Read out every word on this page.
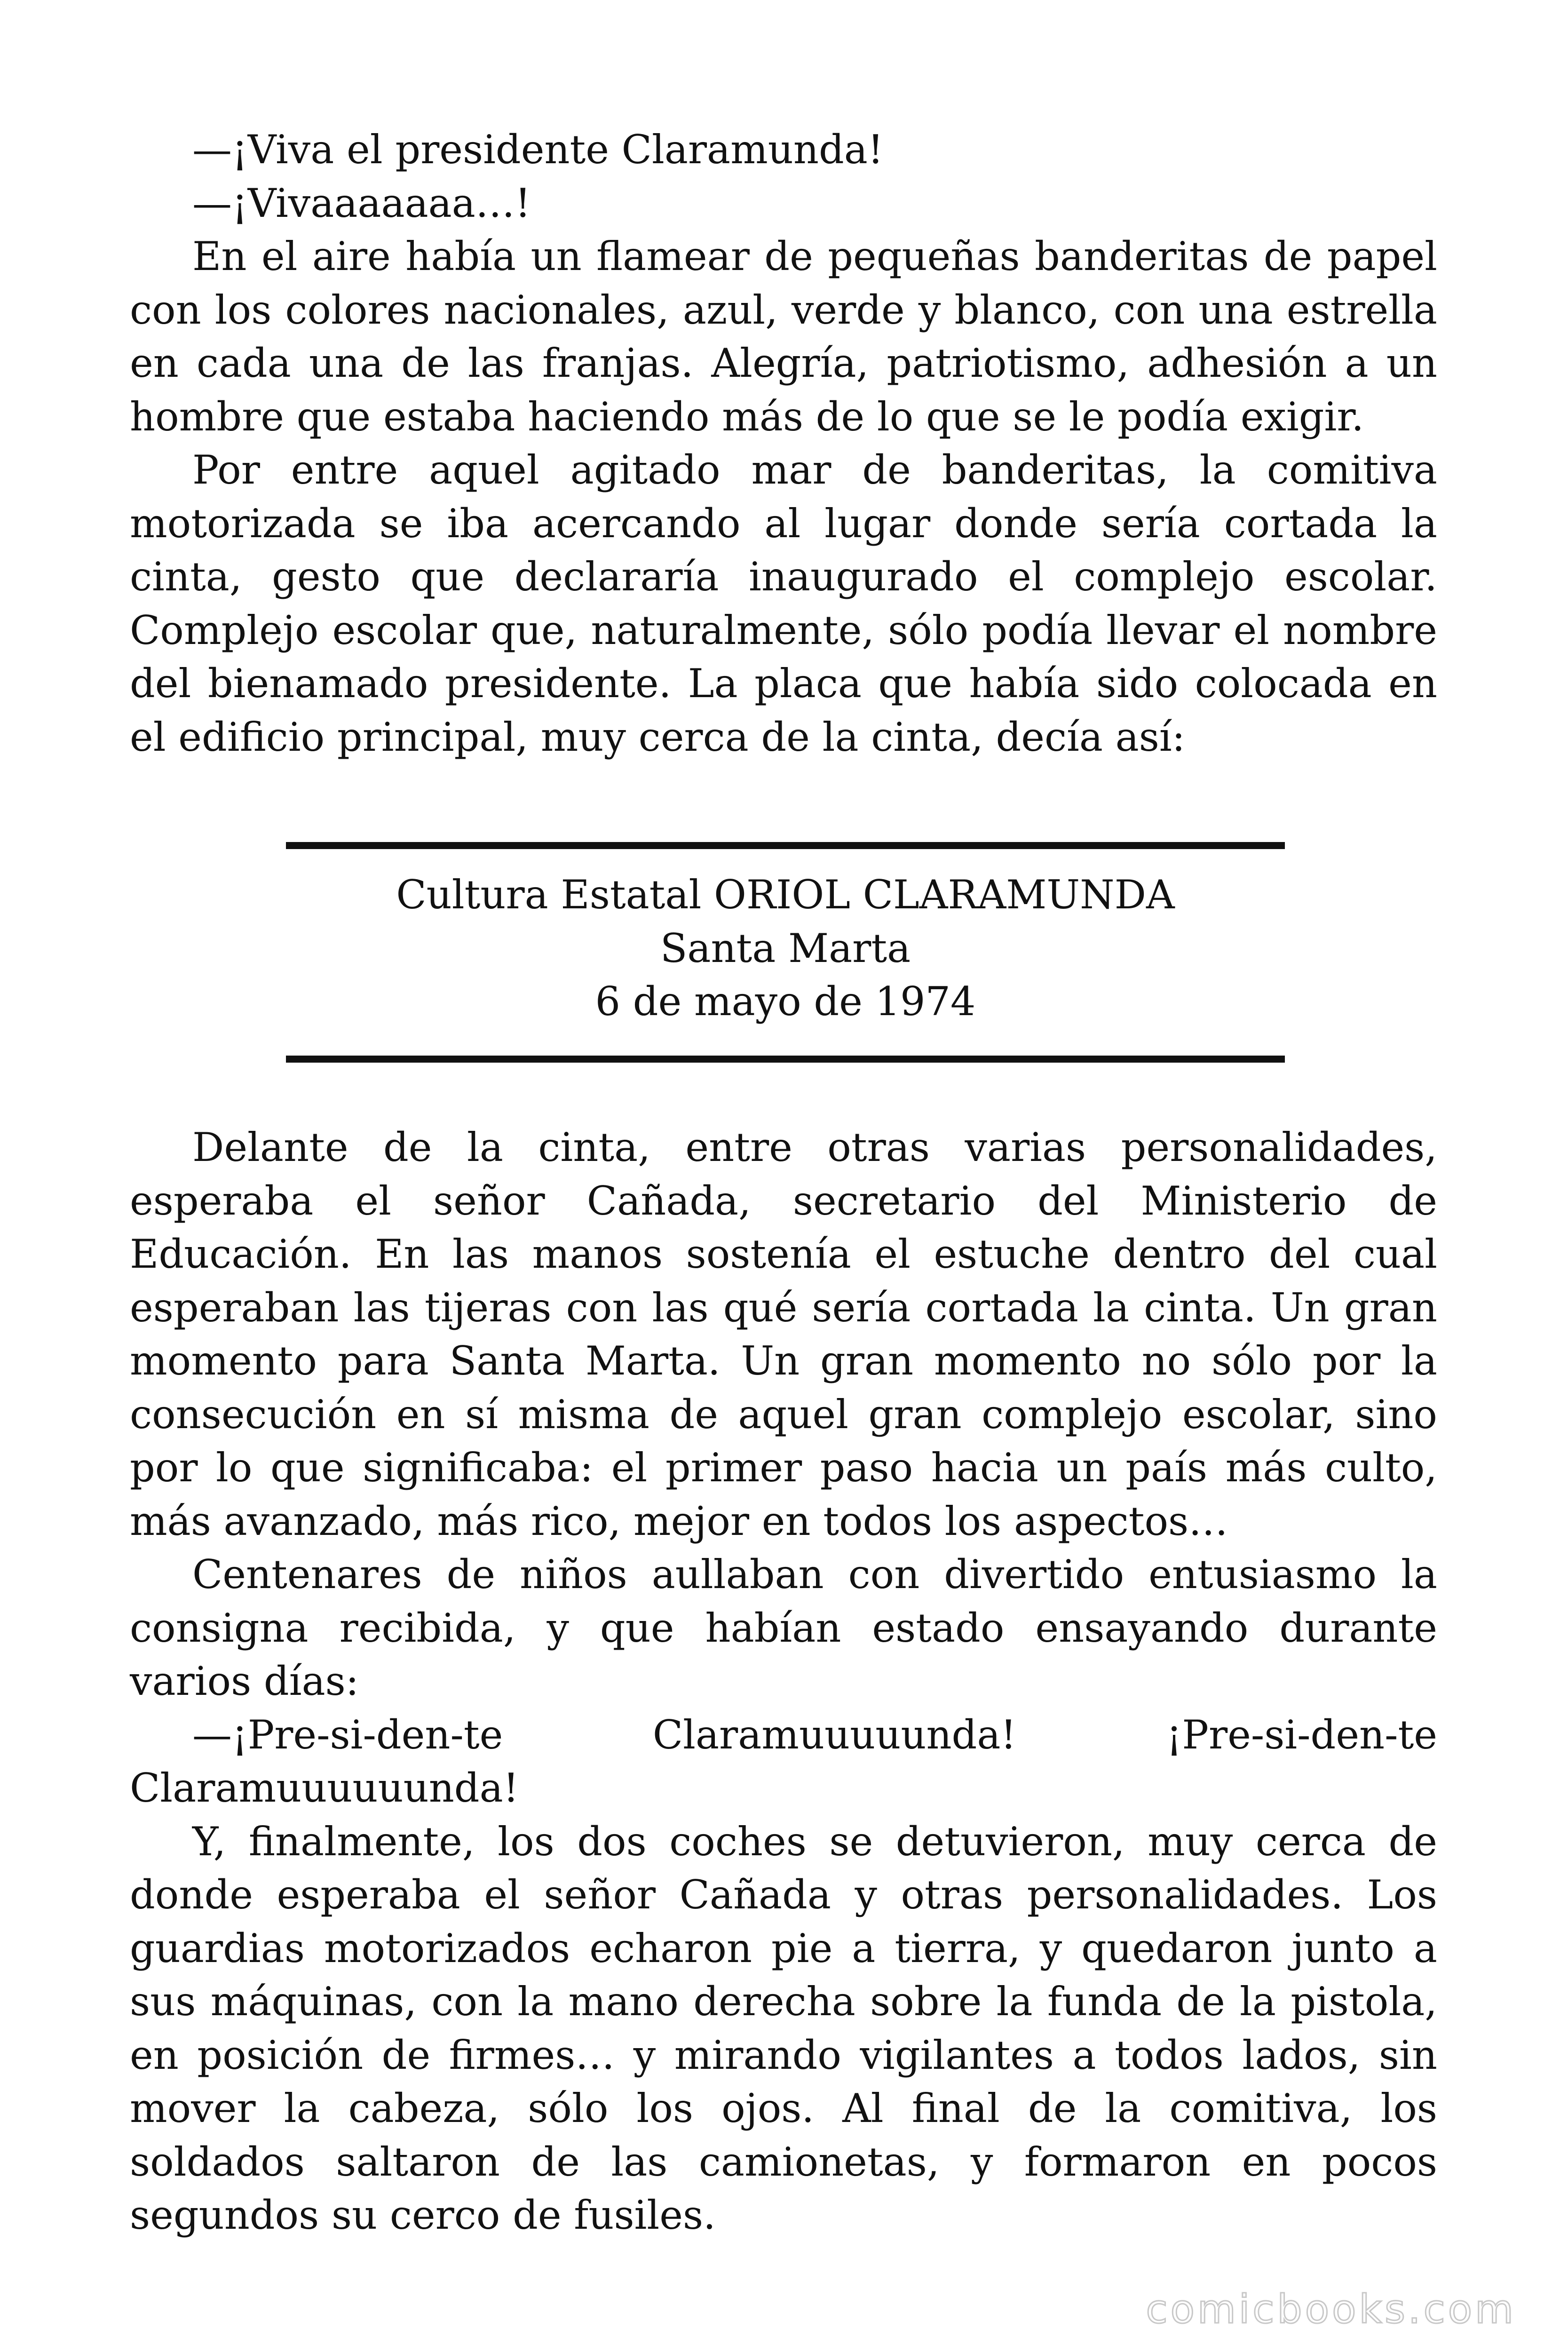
—¡Viva el presidente Claramunda!

—¡Vivaaaaaaa…!

En el aire había un flamear de pequeñas banderitas de papel con los colores nacionales, azul, verde y blanco, con una estrella en cada una de las franjas. Alegría, patriotismo, adhesión a un hombre que estaba haciendo más de lo que se le podía exigir.

Por entre aquel agitado mar de banderitas, la comitiva motorizada se iba acercando al lugar donde sería cortada la cinta, gesto que declararía inaugurado el complejo escolar. Complejo escolar que, naturalmente, sólo podía llevar el nombre del bienamado presidente. La placa que había sido colocada en el edificio principal, muy cerca de la cinta, decía así:

Cultura Estatal ORIOL CLARAMUNDA
Santa Marta
6 de mayo de 1974

Delante de la cinta, entre otras varias personalidades, esperaba el señor Cañada, secretario del Ministerio de Educación. En las manos sostenía el estuche dentro del cual esperaban las tijeras con las qué sería cortada la cinta. Un gran momento para Santa Marta. Un gran momento no sólo por la consecución en sí misma de aquel gran complejo escolar, sino por lo que significaba: el primer paso hacia un país más culto, más avanzado, más rico, mejor en todos los aspectos…

Centenares de niños aullaban con divertido entusiasmo la consigna recibida, y que habían estado ensayando durante varios días:

—¡Pre-si-den-te Claramuuuuunda! ¡Pre-si-den-te Claramuuuuuunda!

Y, finalmente, los dos coches se detuvieron, muy cerca de donde esperaba el señor Cañada y otras personalidades. Los guardias motorizados echaron pie a tierra, y quedaron junto a sus máquinas, con la mano derecha sobre la funda de la pistola, en posición de firmes… y mirando vigilantes a todos lados, sin mover la cabeza, sólo los ojos. Al final de la comitiva, los soldados saltaron de las camionetas, y formaron en pocos segundos su cerco de fusiles.

comicbooks.com
